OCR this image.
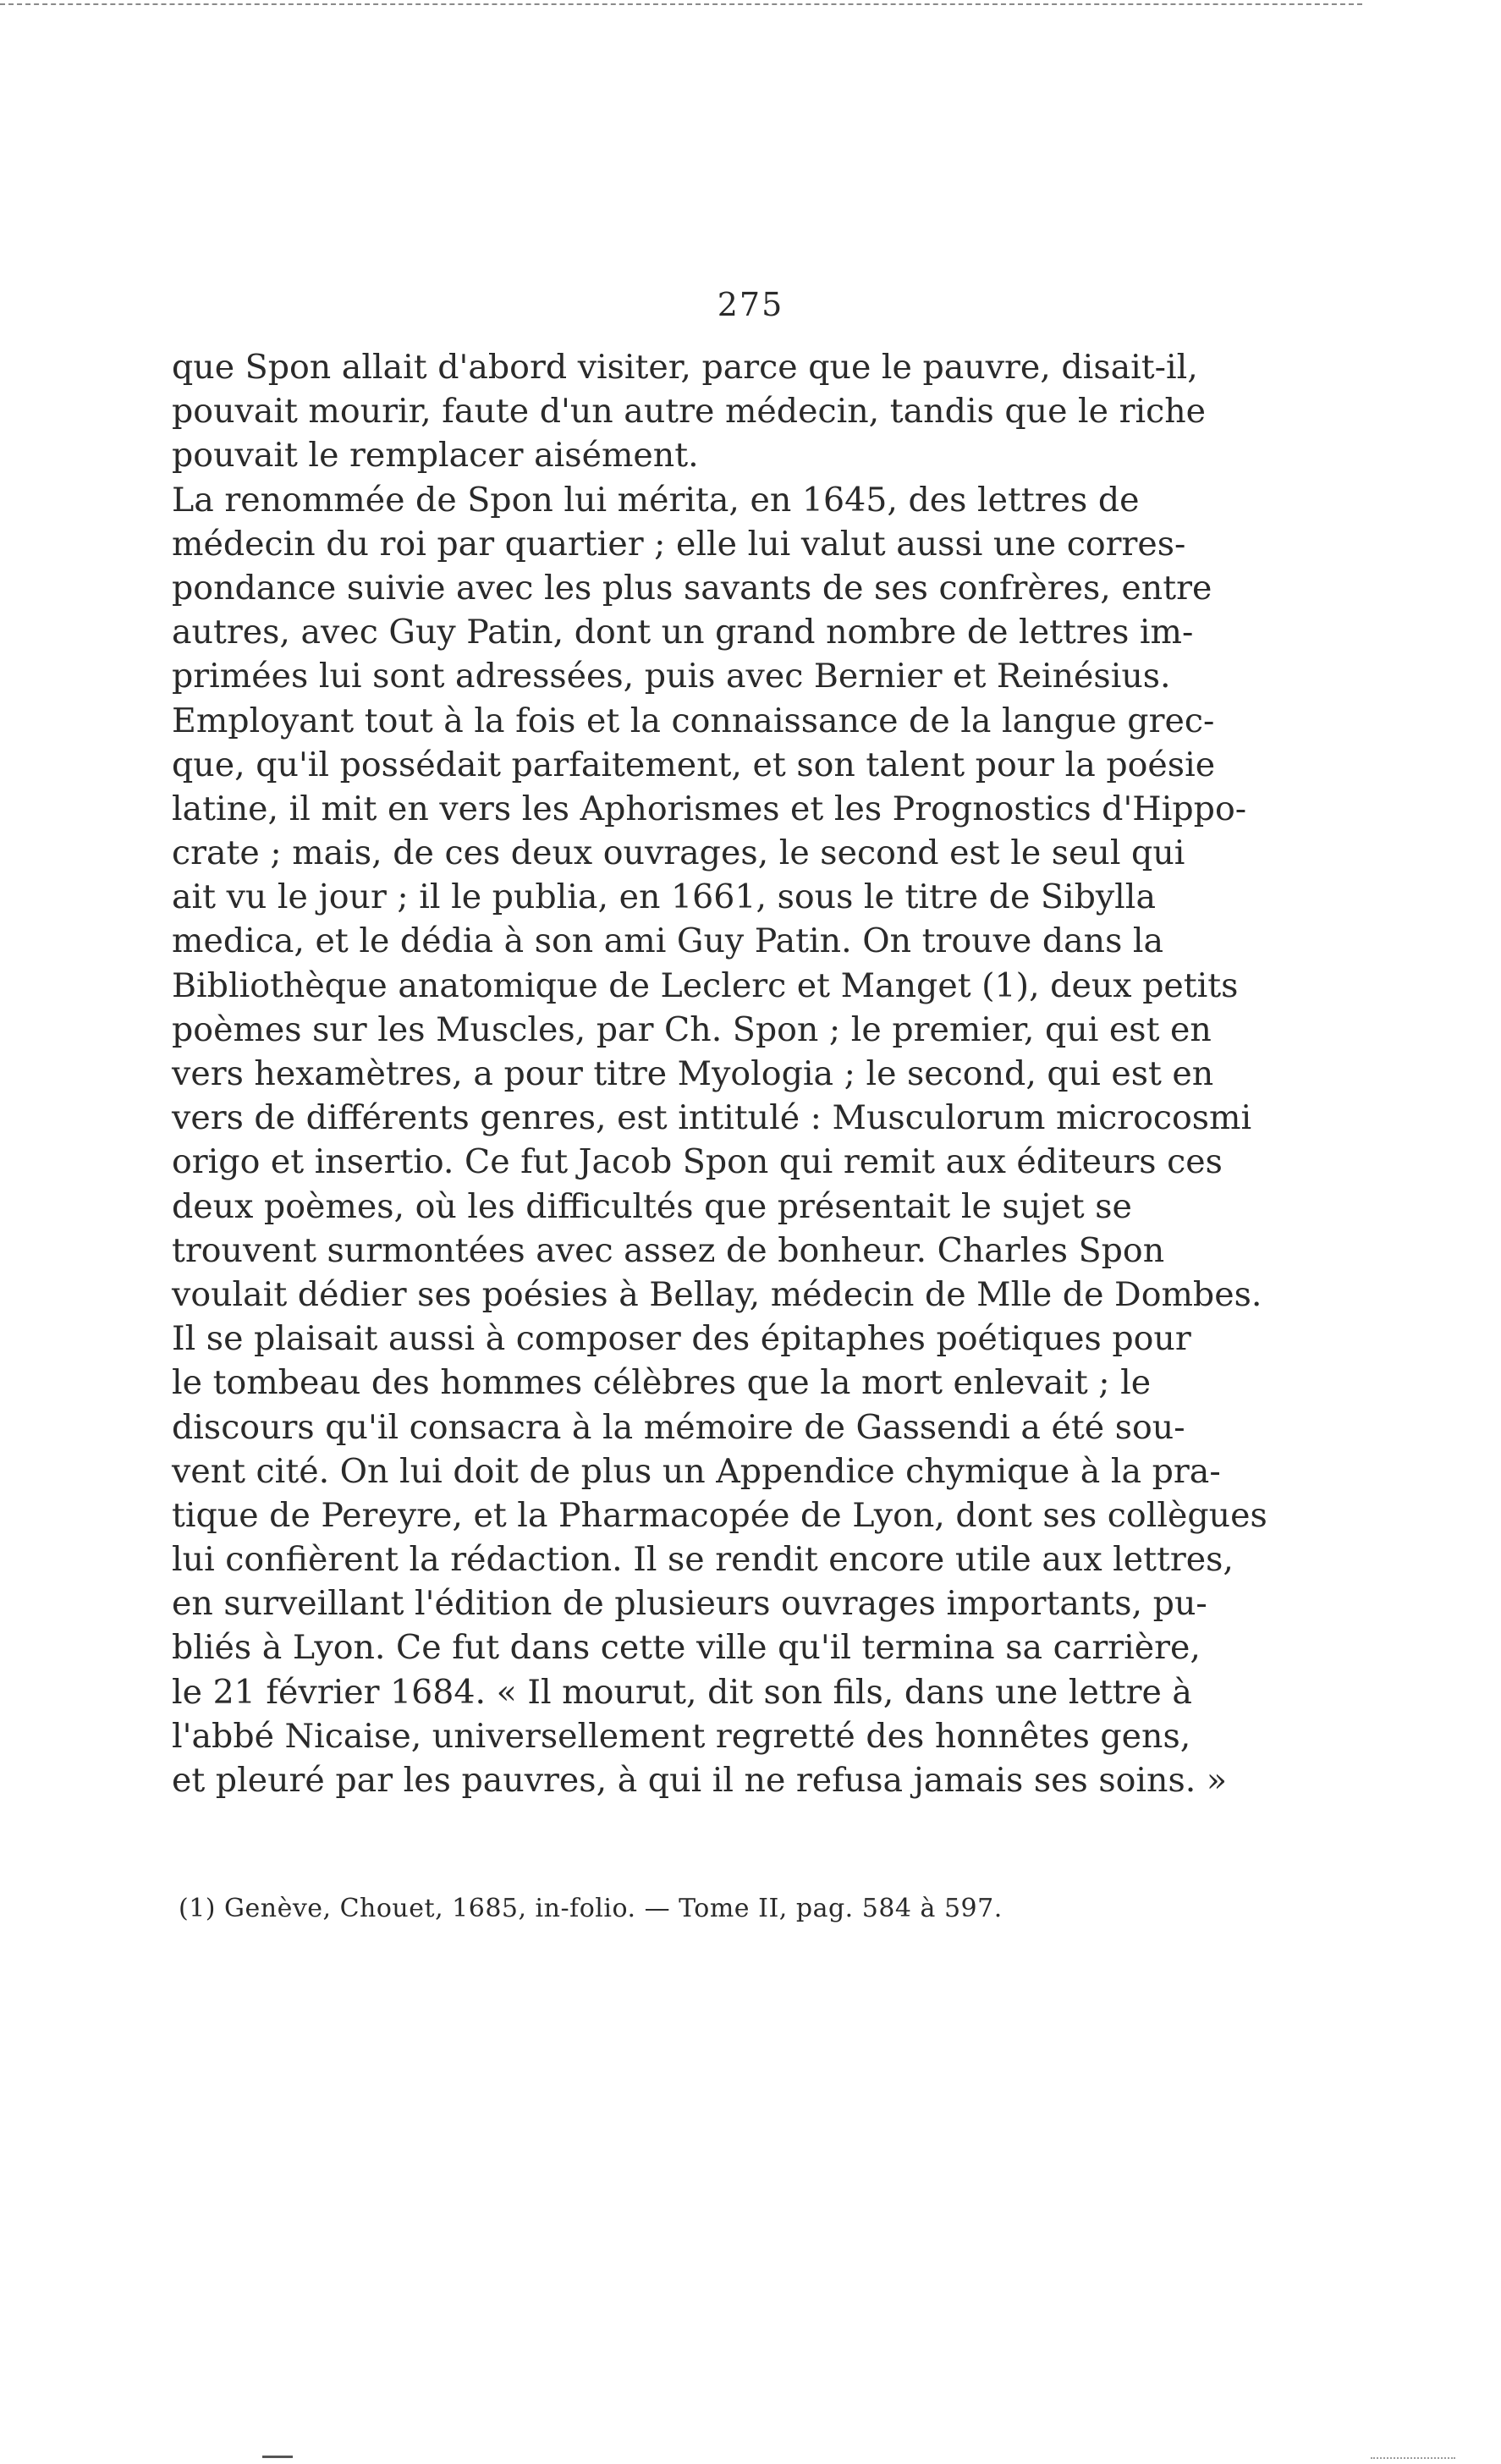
275
que Spon allait d'abord visiter, parce que le pauvre, disait-il,
pouvait mourir, faute d'un autre médecin, tandis que le riche
pouvait le remplacer aisément.
La renommée de Spon lui mérita, en 1645, des lettres de
médecin du roi par quartier ; elle lui valut aussi une corres-
pondance suivie avec les plus savants de ses confrères, entre
autres, avec Guy Patin, dont un grand nombre de lettres im-
primées lui sont adressées, puis avec Bernier et Reinésius.
Employant tout à la fois et la connaissance de la langue grec-
que, qu'il possédait parfaitement, et son talent pour la poésie
latine, il mit en vers les Aphorismes et les Prognostics d'Hippo-
crate ; mais, de ces deux ouvrages, le second est le seul qui
ait vu le jour ; il le publia, en 1661, sous le titre de Sibylla
medica, et le dédia à son ami Guy Patin. On trouve dans la
Bibliothèque anatomique de Leclerc et Manget (1), deux petits
poèmes sur les Muscles, par Ch. Spon ; le premier, qui est en
vers hexamètres, a pour titre Myologia ; le second, qui est en
vers de différents genres, est intitulé : Musculorum microcosmi
origo et insertio. Ce fut Jacob Spon qui remit aux éditeurs ces
deux poèmes, où les difficultés que présentait le sujet se
trouvent surmontées avec assez de bonheur. Charles Spon
voulait dédier ses poésies à Bellay, médecin de Mlle de Dombes.
Il se plaisait aussi à composer des épitaphes poétiques pour
le tombeau des hommes célèbres que la mort enlevait ; le
discours qu'il consacra à la mémoire de Gassendi a été sou-
vent cité. On lui doit de plus un Appendice chymique à la pra-
tique de Pereyre, et la Pharmacopée de Lyon, dont ses collègues
lui confièrent la rédaction. Il se rendit encore utile aux lettres,
en surveillant l'édition de plusieurs ouvrages importants, pu-
bliés à Lyon. Ce fut dans cette ville qu'il termina sa carrière,
le 21 février 1684. « Il mourut, dit son fils, dans une lettre à
l'abbé Nicaise, universellement regretté des honnêtes gens,
et pleuré par les pauvres, à qui il ne refusa jamais ses soins. »
(1) Genève, Chouet, 1685, in-folio. — Tome II, pag. 584 à 597.
